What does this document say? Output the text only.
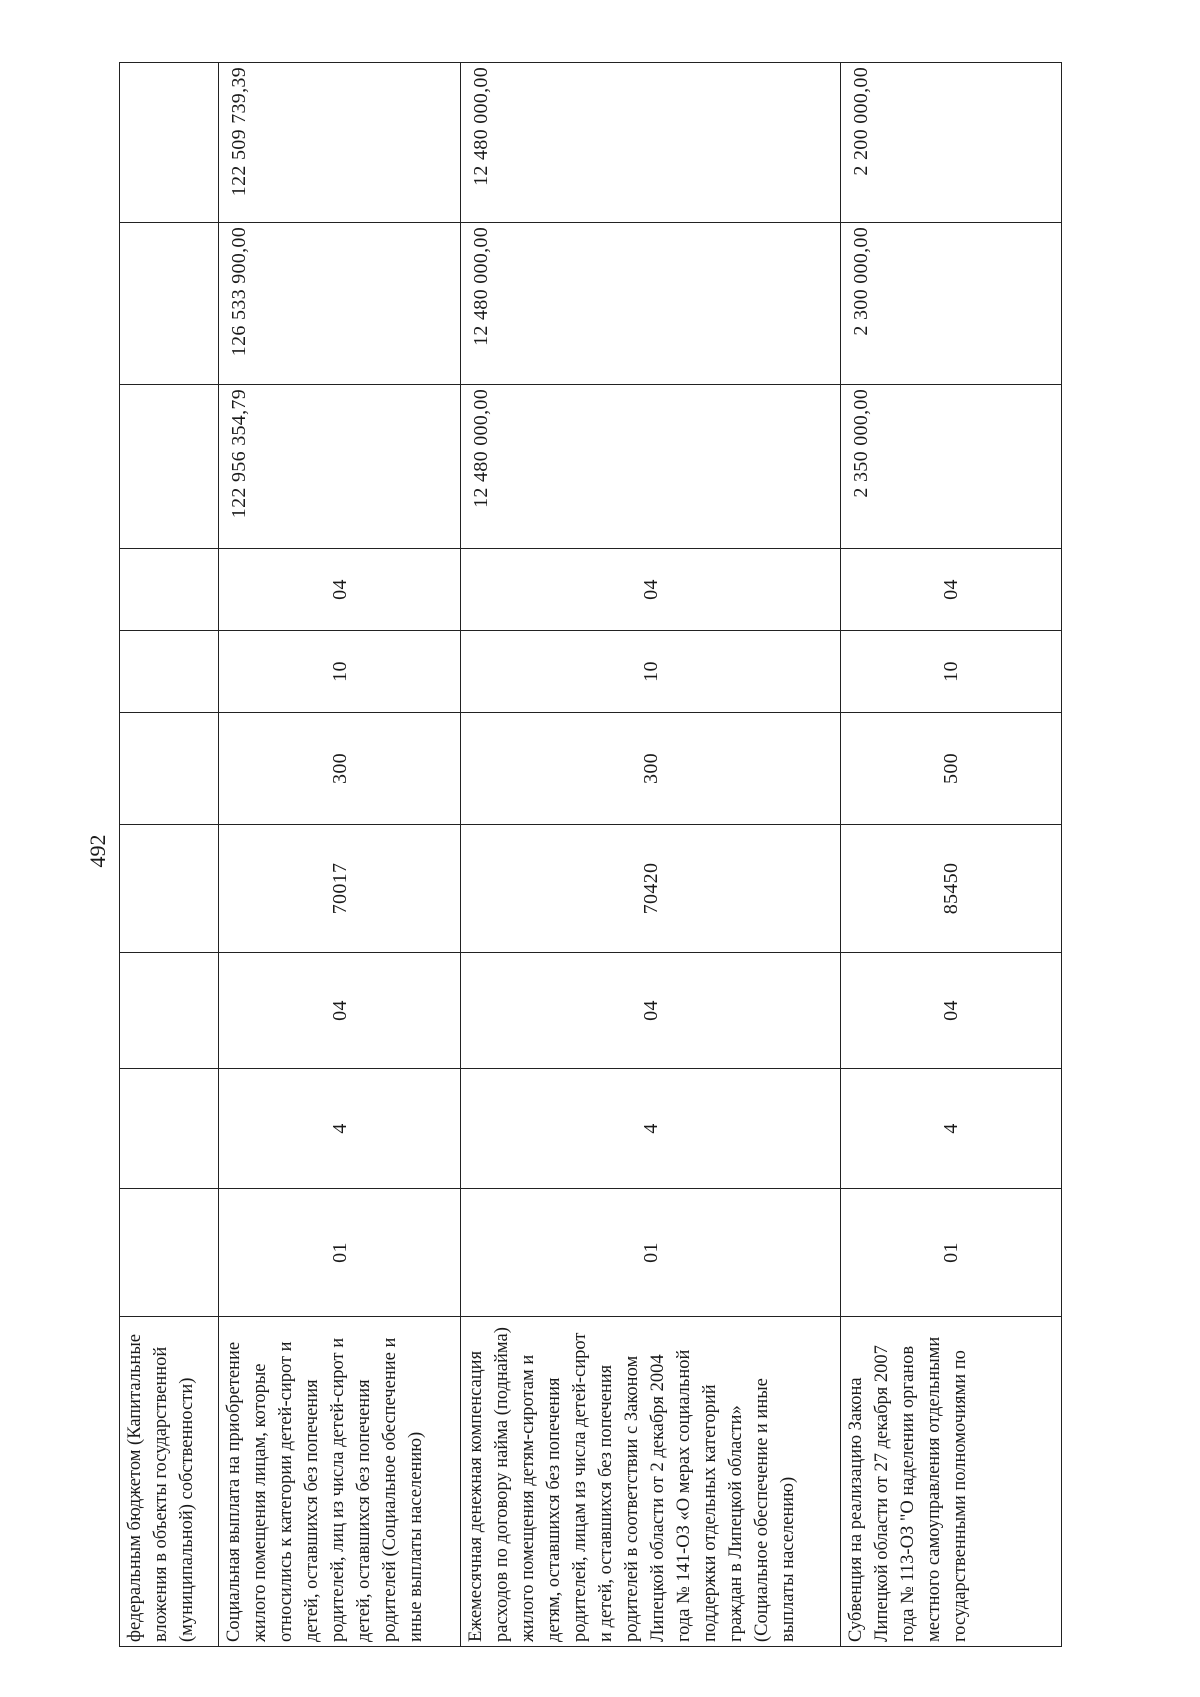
492
федеральным бюджетом (Капитальные вложения в объекты государственной (муниципальной) собственности)										
Социальная выплата на приобретение жилого помещения лицам, которые относились к категории детей-сирот и детей, оставшихся без попечения родителей, лиц из числа детей-сирот и детей, оставшихся без попечения родителей (Социальное обеспечение и иные выплаты населению)	01	4	04	70017	300	10	04	122 956 354,79	126 533 900,00	122 509 739,39
Ежемесячная денежная компенсация расходов по договору найма (поднайма) жилого помещения детям-сиротам и детям, оставшихся без попечения родителей, лицам из числа детей-сирот и детей, оставшихся без попечения родителей в соответствии с Законом Липецкой области от 2 декабря 2004 года № 141-ОЗ «О мерах социальной поддержки отдельных категорий граждан в Липецкой области» (Социальное обеспечение и иные выплаты населению)	01	4	04	70420	300	10	04	12 480 000,00	12 480 000,00	12 480 000,00
Субвенция на реализацию Закона Липецкой области от 27 декабря 2007 года № 113-ОЗ "О наделении органов местного самоуправления отдельными государственными полномочиями по	01	4	04	85450	500	10	04	2 350 000,00	2 300 000,00	2 200 000,00
